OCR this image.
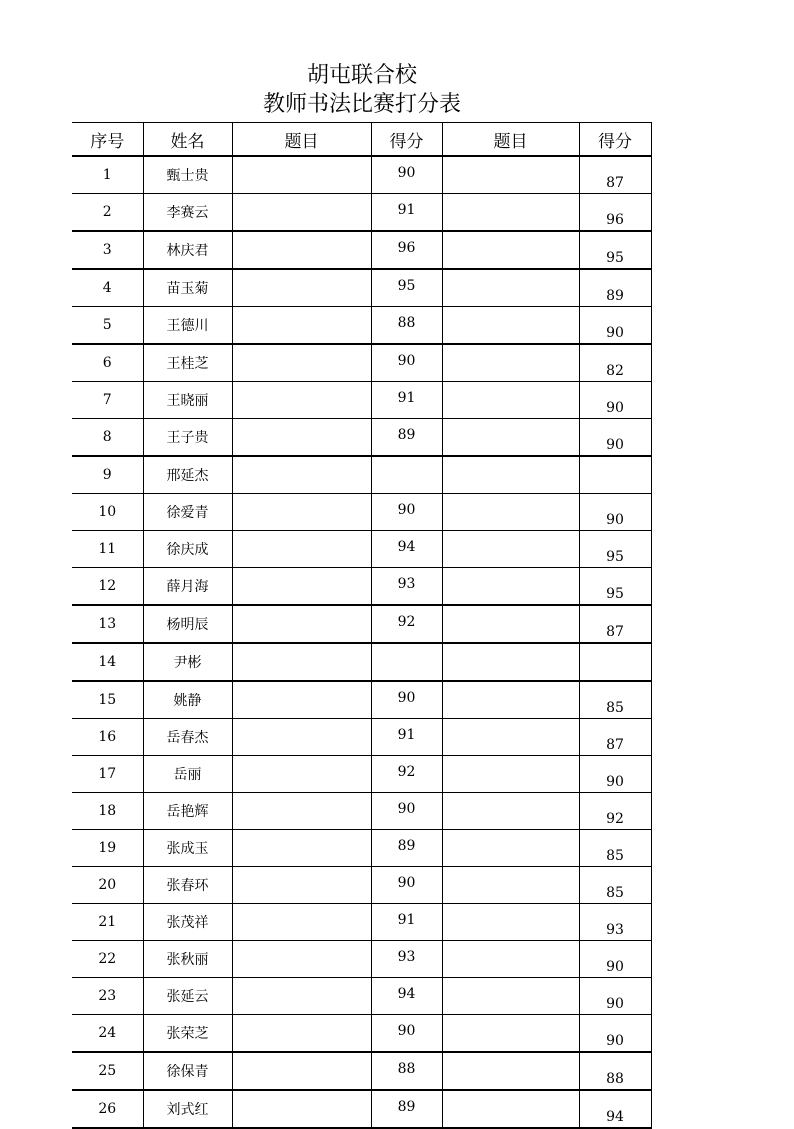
胡屯联合校
教师书法比赛打分表
序号	姓名	题目	得分	题目	得分
1	甄士贵		90		87
2	李赛云		91		96
3	林庆君		96		95
4	苗玉菊		95		89
5	王德川		88		90
6	王桂芝		90		82
7	王晓丽		91		90
8	王子贵		89		90
9	邢延杰				
10	徐爱青		90		90
11	徐庆成		94		95
12	薛月海		93		95
13	杨明辰		92		87
14	尹彬				
15	姚静		90		85
16	岳春杰		91		87
17	岳丽		92		90
18	岳艳辉		90		92
19	张成玉		89		85
20	张春环		90		85
21	张茂祥		91		93
22	张秋丽		93		90
23	张延云		94		90
24	张荣芝		90		90
25	徐保青		88		88
26	刘式红		89		94
